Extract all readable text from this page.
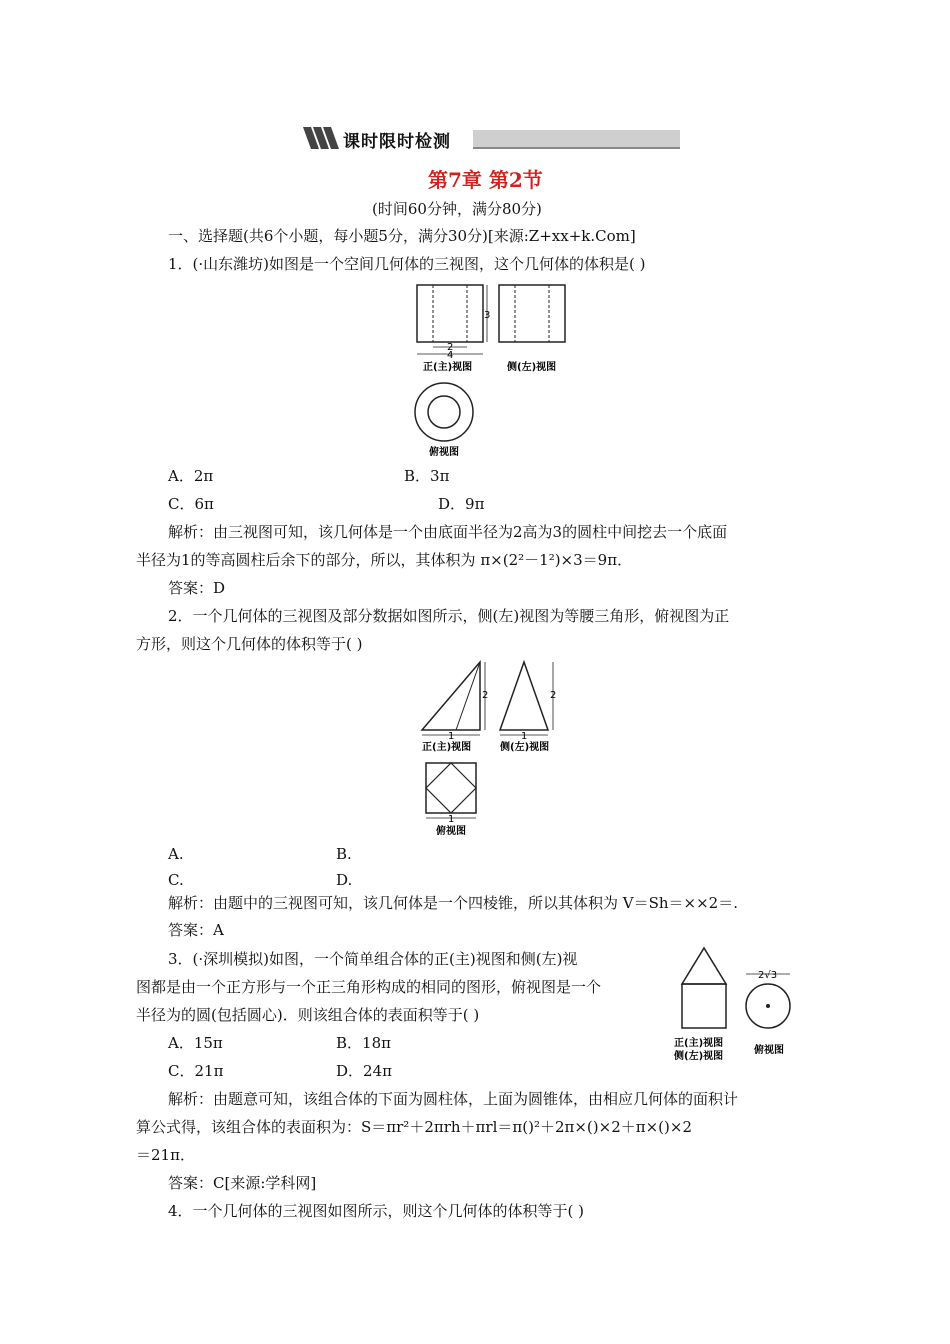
课时限时检测
第7章 第2节
(时间60分钟，满分80分)
一、选择题(共6个小题，每小题5分，满分30分)[来源:Z+xx+k.Com]
1．(·山东潍坊)如图是一个空间几何体的三视图，这个几何体的体积是( )
3
2
4
正(主)视图	侧(左)视图
俯视图
A．2π	B．3π
C．6π	D．9π
解析：由三视图可知，该几何体是一个由底面半径为2高为3的圆柱中间挖去一个底面
半径为1的等高圆柱后余下的部分，所以，其体积为 π×(2²－1²)×3＝9π．
答案：D
2．一个几何体的三视图及部分数据如图所示，侧(左)视图为等腰三角形，俯视图为正
方形，则这个几何体的体积等于( )
2
1
正(主)视图
2
1
侧(左)视图
1
俯视图
A.	B.
C.	D.
解析：由题中的三视图可知，该几何体是一个四棱锥，所以其体积为 V＝Sh＝××2＝.
答案：A
3．(·深圳模拟)如图，一个简单组合体的正(主)视图和侧(左)视
图都是由一个正方形与一个正三角形构成的相同的图形，俯视图是一个
半径为的圆(包括圆心)．则该组合体的表面积等于( )
正(主)视图
侧(左)视图
2√3
俯视图
A．15π	B．18π
C．21π	D．24π
解析：由题意可知，该组合体的下面为圆柱体，上面为圆锥体，由相应几何体的面积计
算公式得，该组合体的表面积为：S＝πr²＋2πrh＋πrl＝π()²＋2π×()×2＋π×()×2
＝21π．
答案：C[来源:学科网]
4．一个几何体的三视图如图所示，则这个几何体的体积等于( )
